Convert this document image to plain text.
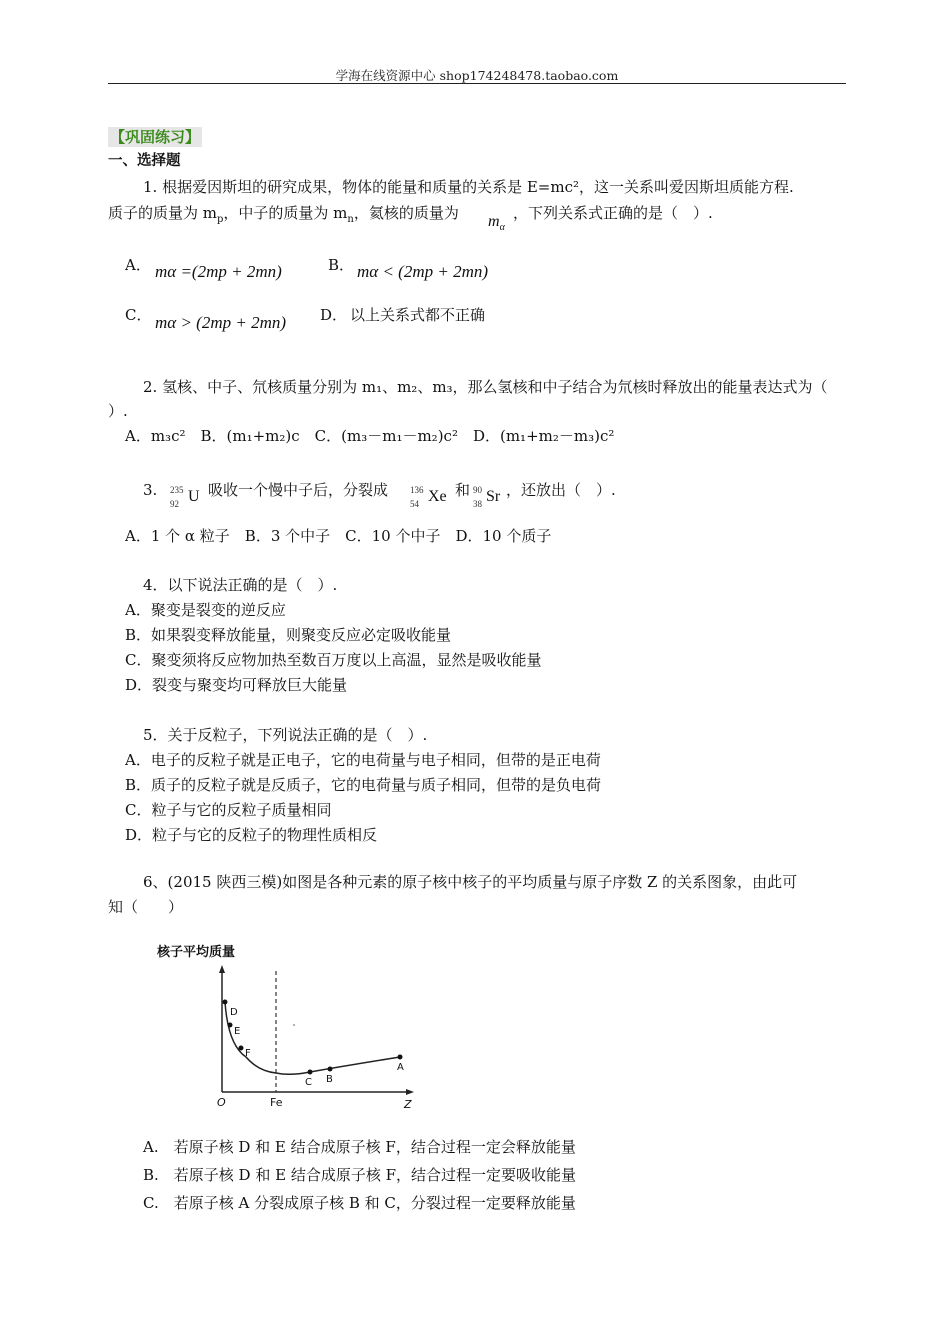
学海在线资源中心 shop174248478.taobao.com
【巩固练习】
一、选择题
1. 根据爱因斯坦的研究成果，物体的能量和质量的关系是 E=mc²，这一关系叫爱因斯坦质能方程.
质子的质量为 $m_p$，中子的质量为 $m_n$，氦核的质量为 $m_\alpha$
，下列关系式正确的是（　）.
A． mα =(2mp + 2mn)	B． mα < (2mp + 2mn)
C． mα > (2mp + 2mn) D． 以上关系式都不正确
2. 氢核、中子、氘核质量分别为 m₁、m₂、m₃，那么氢核和中子结合为氘核时释放出的能量表达式为（
）.
A．m₃c²　B．(m₁+m₂)c　C．(m₃－m₁－m₂)c²　D．(m₁+m₂－m₃)c²
3. 235
92 U 吸收一个慢中子后，分裂成 136
54 Xe 和 90
38 Sr ，还放出（　）.
A．1 个 α 粒子　B．3 个中子　C．10 个中子　D．10 个质子
4．以下说法正确的是（　）.
A．聚变是裂变的逆反应
B．如果裂变释放能量，则聚变反应必定吸收能量
C．聚变须将反应物加热至数百万度以上高温，显然是吸收能量
D．裂变与聚变均可释放巨大能量
5．关于反粒子，下列说法正确的是（　）.
A．电子的反粒子就是正电子，它的电荷量与电子相同，但带的是正电荷
B．质子的反粒子就是反质子，它的电荷量与质子相同，但带的是负电荷
C．粒子与它的反粒子质量相同
D．粒子与它的反粒子的物理性质相反
6、(2015 陕西三模)如图是各种元素的原子核中核子的平均质量与原子序数 Z 的关系图象，由此可
知（　　）
核子平均质量
D
E
F
C B
A
O	Fe	Z
A.　若原子核 D 和 E 结合成原子核 F，结合过程一定会释放能量
B.　若原子核 D 和 E 结合成原子核 F，结合过程一定要吸收能量
C.　若原子核 A 分裂成原子核 B 和 C，分裂过程一定要释放能量
